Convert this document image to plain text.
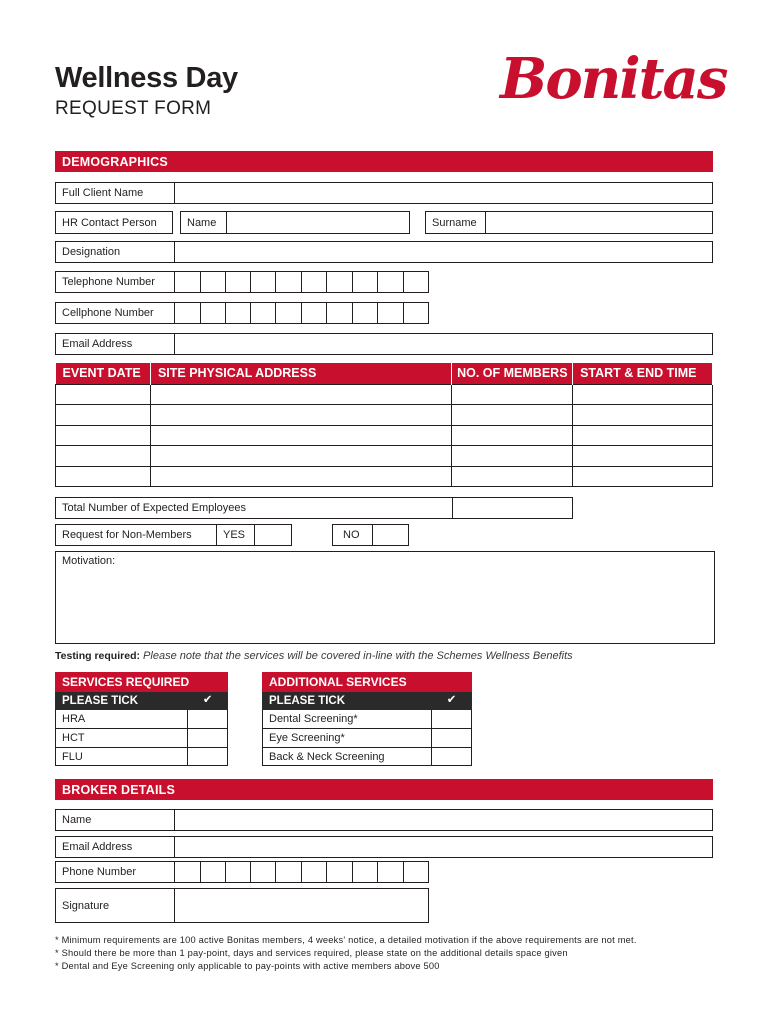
Wellness Day
REQUEST FORM	Bonitas
DEMOGRAPHICS
Full Client Name
HR Contact Person	Name	Surname
Designation
Telephone Number
Cellphone Number
Email Address
EVENT DATE	SITE PHYSICAL ADDRESS	NO. OF MEMBERS	START & END TIME

Total Number of Expected Employees
Request for Non-Members	YES	NO
Motivation:
Testing required: Please note that the services will be covered in-line with the Schemes Wellness Benefits
SERVICES REQUIRED	
PLEASE TICK	✔
HRA	
HCT	
FLU	
ADDITIONAL SERVICES	
PLEASE TICK	✔
Dental Screening*	
Eye Screening*	
Back & Neck Screening	
BROKER DETAILS
Name
Email Address
Phone Number
Signature
* Minimum requirements are 100 active Bonitas members, 4 weeks' notice, a detailed motivation if the above requirements are not met.
* Should there be more than 1 pay-point, days and services required, please state on the additional details space given
* Dental and Eye Screening only applicable to pay-points with active members above 500
